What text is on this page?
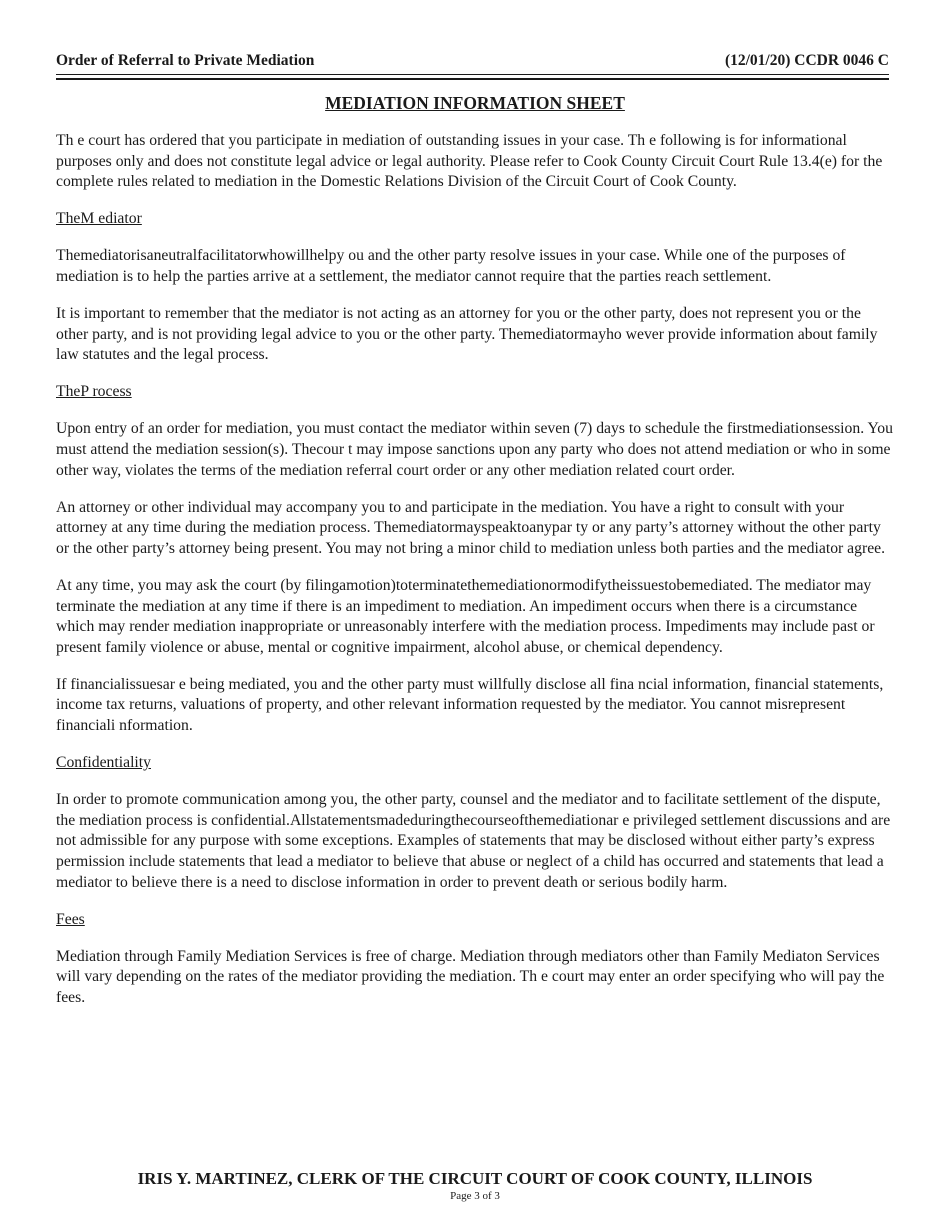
Order of Referral to Private Mediation	(12/01/20) CCDR 0046 C
MEDIATION INFORMATION SHEET

Th e court has ordered that you participate in mediation of outstanding issues in your case. Th e following is for informational purposes only and does not constitute legal advice or legal authority. Please refer to Cook County Circuit Court Rule 13.4(e) for the complete rules related to mediation in the Domestic Relations Division of the Circuit Court of Cook County.

TheM ediator

Themediatorisaneutralfacilitatorwhowillhelpy ou and the other party resolve issues in your case. While one of the purposes of mediation is to help the parties arrive at a settlement, the mediator cannot require that the parties reach settlement.

It is important to remember that the mediator is not acting as an attorney for you or the other party, does not represent you or the other party, and is not providing legal advice to you or the other party. Themediatormayho wever provide information about family law statutes and the legal process.

TheP rocess

Upon entry of an order for mediation, you must contact the mediator within seven (7) days to schedule the firstmediationsession. You must attend the mediation session(s). Thecour t may impose sanctions upon any party who does not attend mediation or who in some other way, violates the terms of the mediation referral court order or any other mediation related court order.

An attorney or other individual may accompany you to and participate in the mediation. You have a right to consult with your attorney at any time during the mediation process. Themediatormayspeaktoanypar ty or any party’s attorney without the other party or the other party’s attorney being present. You may not bring a minor child to mediation unless both parties and the mediator agree.

At any time, you may ask the court (by filingamotion)toterminatethemediationormodifytheissuestobemediated. The mediator may terminate the mediation at any time if there is an impediment to mediation. An impediment occurs when there is a circumstance which may render mediation inappropriate or unreasonably interfere with the mediation process. Impediments may include past or present family violence or abuse, mental or cognitive impairment, alcohol abuse, or chemical dependency.

If financialissuesar e being mediated, you and the other party must willfully disclose all fina ncial information, financial statements, income tax returns, valuations of property, and other relevant information requested by the mediator. You cannot misrepresent financiali nformation.

Confidentiality

In order to promote communication among you, the other party, counsel and the mediator and to facilitate settlement of the dispute, the mediation process is confidential.Allstatementsmadeduringthecourseofthemediationar e privileged settlement discussions and are not admissible for any purpose with some exceptions. Examples of statements that may be disclosed without either party’s express permission include statements that lead a mediator to believe that abuse or neglect of a child has occurred and statements that lead a mediator to believe there is a need to disclose information in order to prevent death or serious bodily harm.

Fees

Mediation through Family Mediation Services is free of charge. Mediation through mediators other than Family Mediaton Services will vary depending on the rates of the mediator providing the mediation. Th e court may enter an order specifying who will pay the fees.

IRIS Y. MARTINEZ, CLERK OF THE CIRCUIT COURT OF COOK COUNTY, ILLINOIS
Page 3 of 3
